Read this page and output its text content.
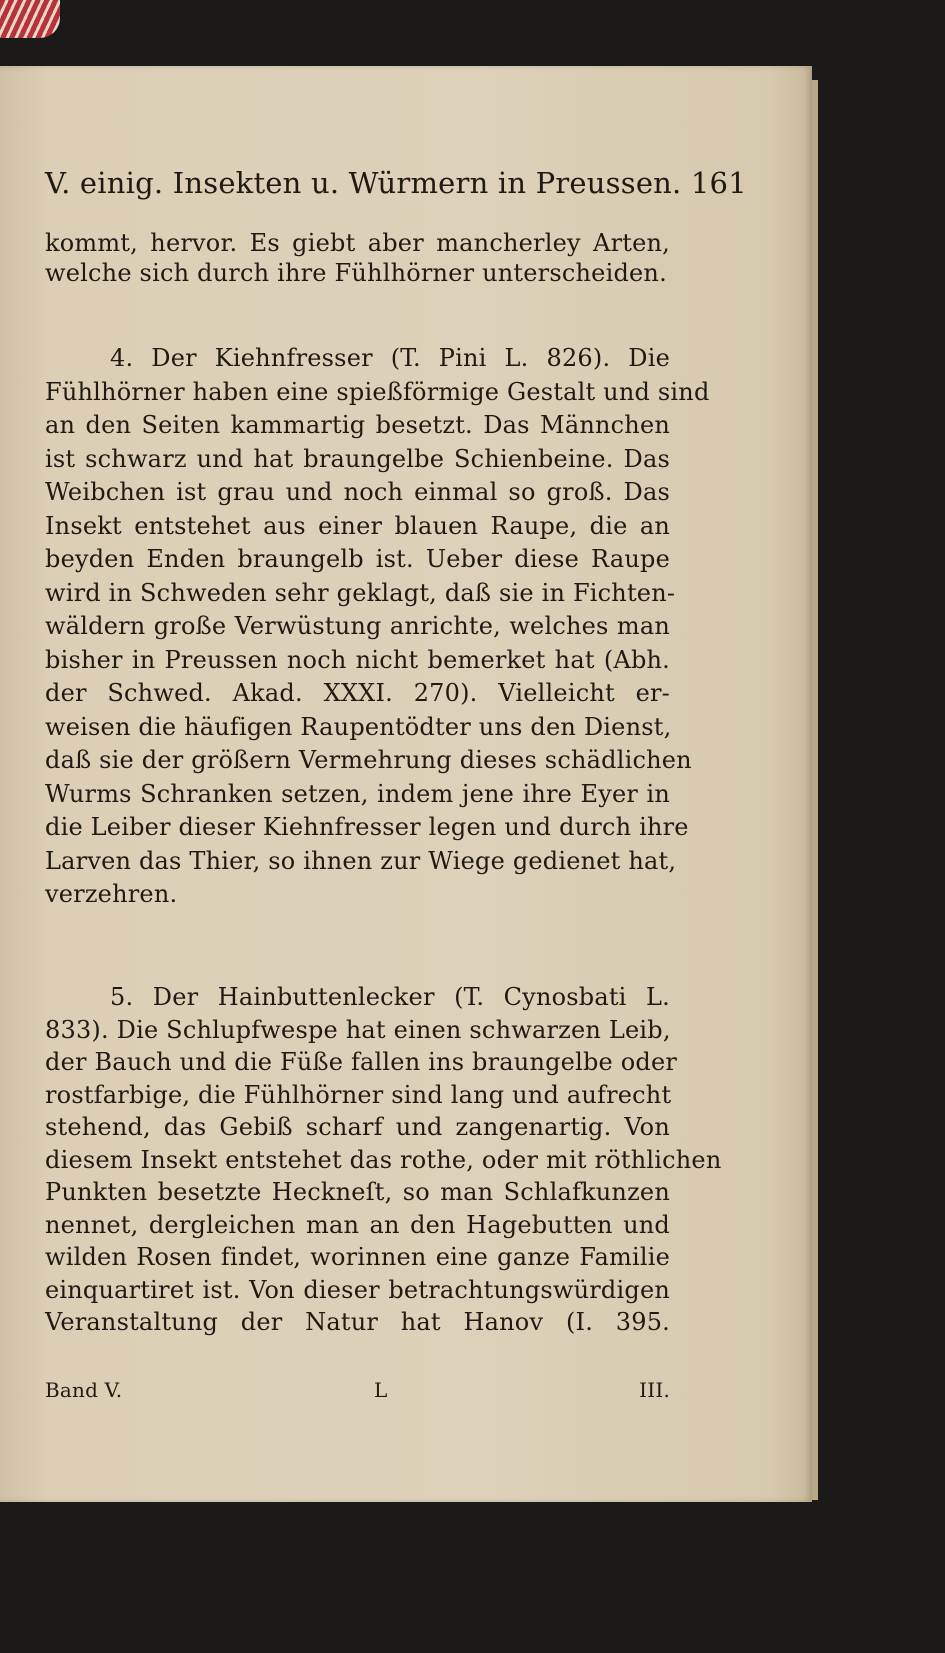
V. einig. Insekten u. Würmern in Preussen. 161
kommt, hervor. Es giebt aber mancherley Arten,
welche sich durch ihre Fühlhörner unterscheiden.
4. Der Kiehnfresser (T. Pini L. 826). Die
Fühlhörner haben eine spießförmige Gestalt und sind
an den Seiten kammartig besetzt. Das Männchen
ist schwarz und hat braungelbe Schienbeine. Das
Weibchen ist grau und noch einmal so groß. Das
Insekt entstehet aus einer blauen Raupe, die an
beyden Enden braungelb ist. Ueber diese Raupe
wird in Schweden sehr geklagt, daß sie in Fichten-
wäldern große Verwüstung anrichte, welches man
bisher in Preussen noch nicht bemerket hat (Abh.
der Schwed. Akad. XXXI. 270). Vielleicht er-
weisen die häufigen Raupentödter uns den Dienst,
daß sie der größern Vermehrung dieses schädlichen
Wurms Schranken setzen, indem jene ihre Eyer in
die Leiber dieser Kiehnfresser legen und durch ihre
Larven das Thier, so ihnen zur Wiege gedienet hat,
verzehren.
5. Der Hainbuttenlecker (T. Cynosbati L.
833). Die Schlupfwespe hat einen schwarzen Leib,
der Bauch und die Füße fallen ins braungelbe oder
rostfarbige, die Fühlhörner sind lang und aufrecht
stehend, das Gebiß scharf und zangenartig. Von
diesem Insekt entstehet das rothe, oder mit röthlichen
Punkten besetzte Heckneſt, so man Schlafkunzen
nennet, dergleichen man an den Hagebutten und
wilden Rosen findet, worinnen eine ganze Familie
einquartiret ist. Von dieser betrachtungswürdigen
Veranstaltung der Natur hat Hanov (I. 395.
Band V.	L	III.
